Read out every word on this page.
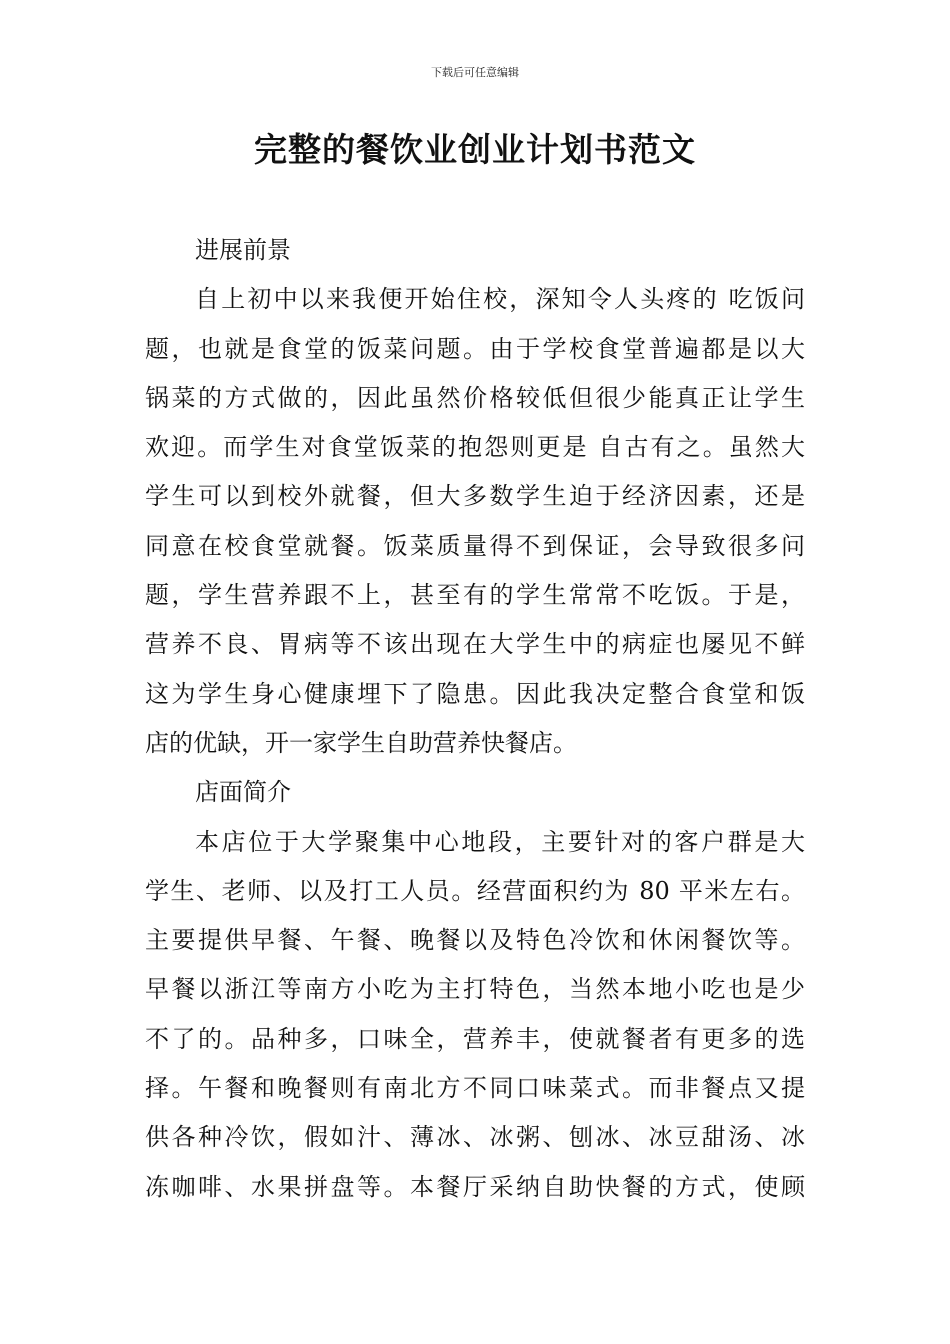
下载后可任意编辑
完整的餐饮业创业计划书范文
进展前景
自上初中以来我便开始住校，深知令人头疼的 吃饭问
题，也就是食堂的饭菜问题。由于学校食堂普遍都是以大
锅菜的方式做的，因此虽然价格较低但很少能真正让学生
欢迎。而学生对食堂饭菜的抱怨则更是 自古有之。虽然大
学生可以到校外就餐，但大多数学生迫于经济因素，还是
同意在校食堂就餐。饭菜质量得不到保证，会导致很多问
题，学生营养跟不上，甚至有的学生常常不吃饭。于是，
营养不良、胃病等不该出现在大学生中的病症也屡见不鲜
这为学生身心健康埋下了隐患。因此我决定整合食堂和饭
店的优缺，开一家学生自助营养快餐店。
店面简介
本店位于大学聚集中心地段，主要针对的客户群是大
学生、老师、以及打工人员。经营面积约为 80 平米左右。
主要提供早餐、午餐、晚餐以及特色冷饮和休闲餐饮等。
早餐以浙江等南方小吃为主打特色，当然本地小吃也是少
不了的。品种多，口味全，营养丰，使就餐者有更多的选
择。午餐和晚餐则有南北方不同口味菜式。而非餐点又提
供各种冷饮，假如汁、薄冰、冰粥、刨冰、冰豆甜汤、冰
冻咖啡、水果拼盘等。本餐厅采纳自助快餐的方式，使顾
